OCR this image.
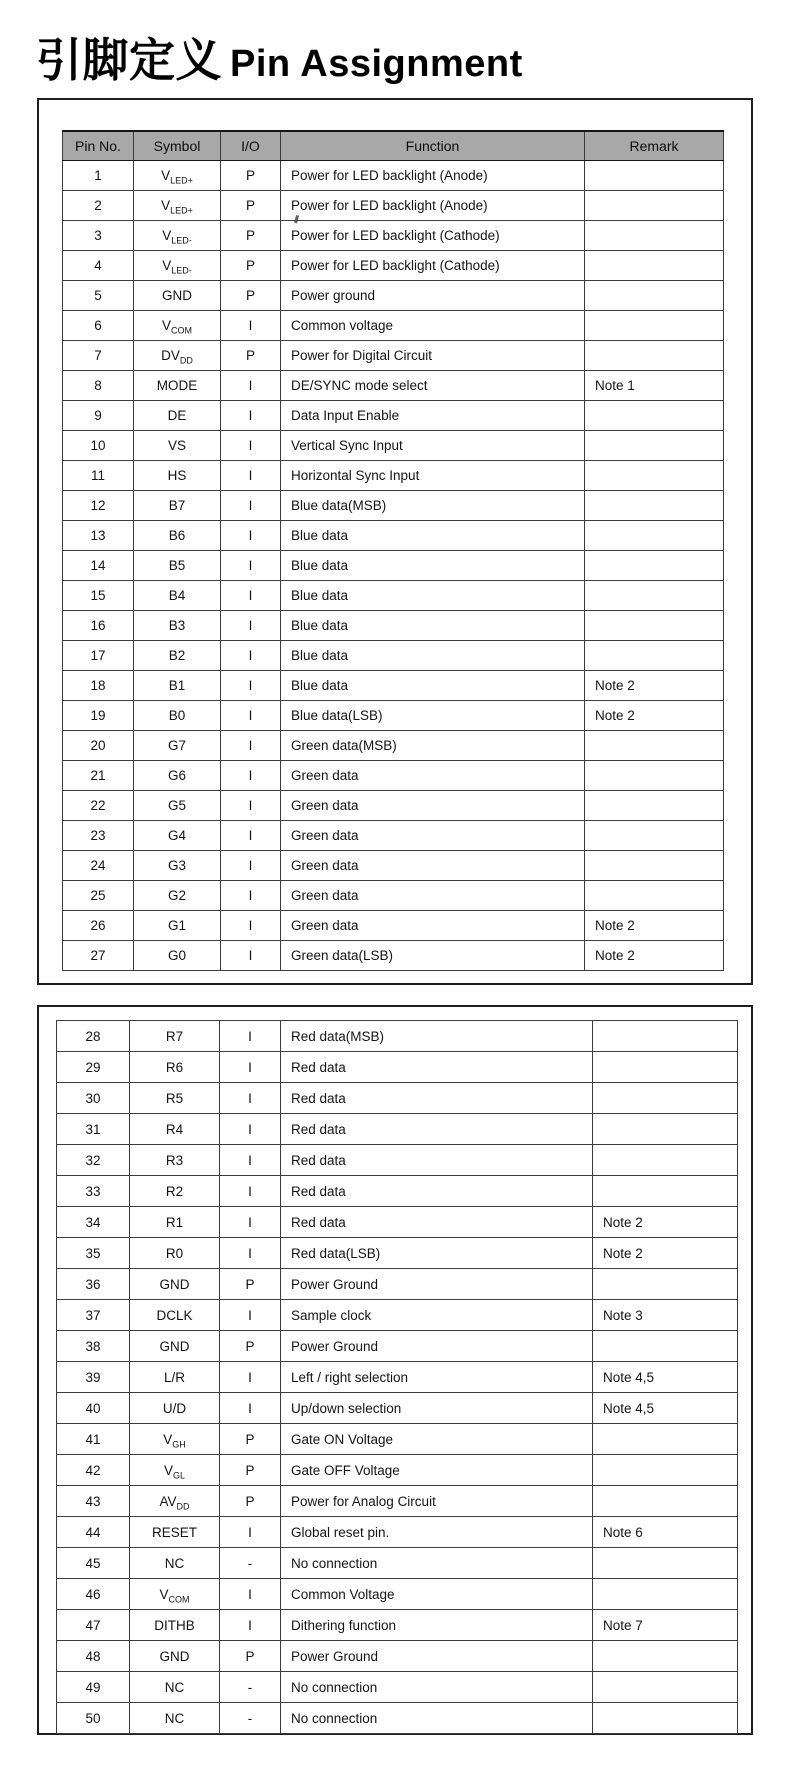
引脚定义 Pin Assignment
Pin No.	Symbol	I/O	Function	Remark
1	$V_{LED+}$	P	Power for LED backlight (Anode)	
2	$V_{LED+}$	P	Power for LED backlight (Anode)	
3	$V_{LED-}$	P	Power for LED backlight (Cathode)	
4	$V_{LED-}$	P	Power for LED backlight (Cathode)	
5	GND	P	Power ground	
6	$V_{COM}$	I	Common voltage	
7	$DV_{DD}$	P	Power for Digital Circuit	
8	MODE	I	DE/SYNC mode select	Note 1
9	DE	I	Data Input Enable	
10	VS	I	Vertical Sync Input	
11	HS	I	Horizontal Sync Input	
12	B7	I	Blue data(MSB)	
13	B6	I	Blue data	
14	B5	I	Blue data	
15	B4	I	Blue data	
16	B3	I	Blue data	
17	B2	I	Blue data	
18	B1	I	Blue data	Note 2
19	B0	I	Blue data(LSB)	Note 2
20	G7	I	Green data(MSB)	
21	G6	I	Green data	
22	G5	I	Green data	
23	G4	I	Green data	
24	G3	I	Green data	
25	G2	I	Green data	
26	G1	I	Green data	Note 2
27	G0	I	Green data(LSB)	Note 2
28	R7	I	Red data(MSB)	
29	R6	I	Red data	
30	R5	I	Red data	
31	R4	I	Red data	
32	R3	I	Red data	
33	R2	I	Red data	
34	R1	I	Red data	Note 2
35	R0	I	Red data(LSB)	Note 2
36	GND	P	Power Ground	
37	DCLK	I	Sample clock	Note 3
38	GND	P	Power Ground	
39	L/R	I	Left / right selection	Note 4,5
40	U/D	I	Up/down selection	Note 4,5
41	$V_{GH}$	P	Gate ON Voltage	
42	$V_{GL}$	P	Gate OFF Voltage	
43	$AV_{DD}$	P	Power for Analog Circuit	
44	RESET	I	Global reset pin.	Note 6
45	NC	-	No connection	
46	$V_{COM}$	I	Common Voltage	
47	DITHB	I	Dithering function	Note 7
48	GND	P	Power Ground	
49	NC	-	No connection	
50	NC	-	No connection	
